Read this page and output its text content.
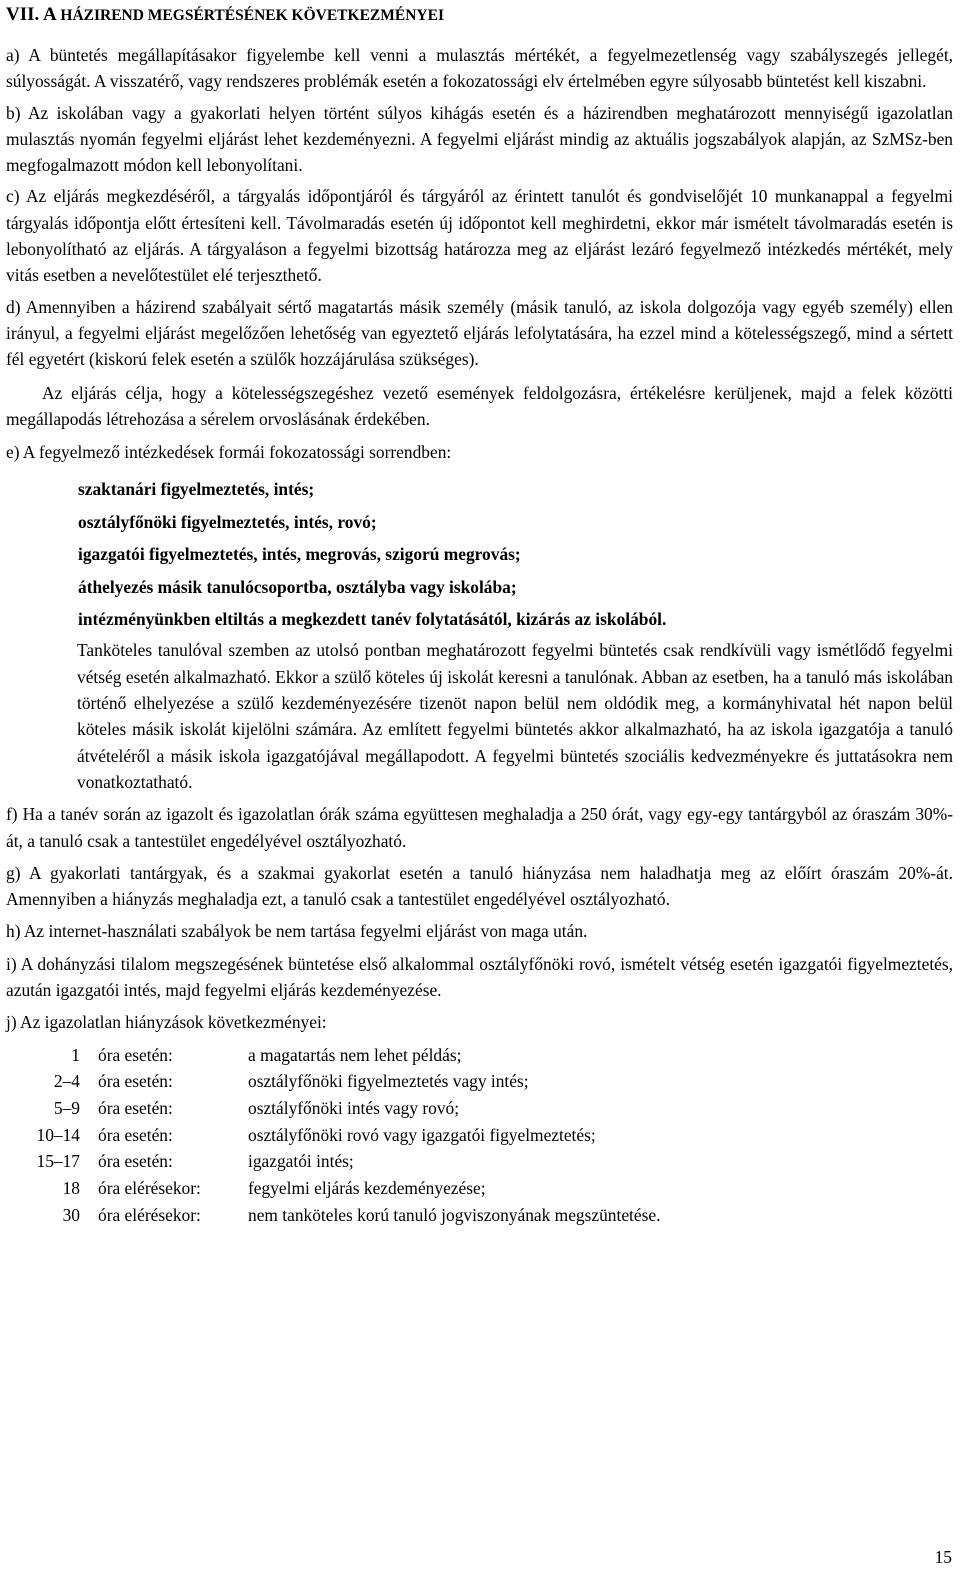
VII. A HÁZIREND MEGSÉRTÉSÉNEK KÖVETKEZMÉNYEI

a) A büntetés megállapításakor figyelembe kell venni a mulasztás mértékét, a fegyelmezetlenség vagy szabályszegés jellegét, súlyosságát. A visszatérő, vagy rendszeres problémák esetén a fokozatossági elv értelmében egyre súlyosabb büntetést kell kiszabni.

b) Az iskolában vagy a gyakorlati helyen történt súlyos kihágás esetén és a házirendben meghatározott mennyiségű igazolatlan mulasztás nyomán fegyelmi eljárást lehet kezdeményezni. A fegyelmi eljárást mindig az aktuális jogszabályok alapján, az SzMSz-ben megfogalmazott módon kell lebonyolítani.

c) Az eljárás megkezdéséről, a tárgyalás időpontjáról és tárgyáról az érintett tanulót és gondviselőjét 10 munkanappal a fegyelmi tárgyalás időpontja előtt értesíteni kell. Távolmaradás esetén új időpontot kell meghirdetni, ekkor már ismételt távolmaradás esetén is lebonyolítható az eljárás. A tárgyaláson a fegyelmi bizottság határozza meg az eljárást lezáró fegyelmező intézkedés mértékét, mely vitás esetben a nevelőtestület elé terjeszthető.

d) Amennyiben a házirend szabályait sértő magatartás másik személy (másik tanuló, az iskola dolgozója vagy egyéb személy) ellen irányul, a fegyelmi eljárást megelőzően lehetőség van egyeztető eljárás lefolytatására, ha ezzel mind a kötelességszegő, mind a sértett fél egyetért (kiskorú felek esetén a szülők hozzájárulása szükséges).

Az eljárás célja, hogy a kötelességszegéshez vezető események feldolgozásra, értékelésre kerüljenek, majd a felek közötti megállapodás létrehozása a sérelem orvoslásának érdekében.

e) A fegyelmező intézkedések formái fokozatossági sorrendben:

szaktanári figyelmeztetés, intés;
osztályfőnöki figyelmeztetés, intés, rovó;
igazgatói figyelmeztetés, intés, megrovás, szigorú megrovás;
áthelyezés másik tanulócsoportba, osztályba vagy iskolába;
intézményünkben eltiltás a megkezdett tanév folytatásától, kizárás az iskolából.
Tanköteles tanulóval szemben az utolsó pontban meghatározott fegyelmi büntetés csak rendkívüli vagy ismétlődő fegyelmi vétség esetén alkalmazható. Ekkor a szülő köteles új iskolát keresni a tanulónak. Abban az esetben, ha a tanuló más iskolában történő elhelyezése a szülő kezdeményezésére tizenöt napon belül nem oldódik meg, a kormányhivatal hét napon belül köteles másik iskolát kijelölni számára. Az említett fegyelmi büntetés akkor alkalmazható, ha az iskola igazgatója a tanuló átvételéről a másik iskola igazgatójával megállapodott. A fegyelmi büntetés szociális kedvezményekre és juttatásokra nem vonatkoztatható.

f) Ha a tanév során az igazolt és igazolatlan órák száma együttesen meghaladja a 250 órát, vagy egy-egy tantárgyból az óraszám 30%-át, a tanuló csak a tantestület engedélyével osztályozható.

g) A gyakorlati tantárgyak, és a szakmai gyakorlat esetén a tanuló hiányzása nem haladhatja meg az előírt óraszám 20%-át. Amennyiben a hiányzás meghaladja ezt, a tanuló csak a tantestület engedélyével osztályozható.

h) Az internet-használati szabályok be nem tartása fegyelmi eljárást von maga után.

i) A dohányzási tilalom megszegésének büntetése első alkalommal osztályfőnöki rovó, ismételt vétség esetén igazgatói figyelmeztetés, azután igazgatói intés, majd fegyelmi eljárás kezdeményezése.

j) Az igazolatlan hiányzások következményei:

1	óra esetén:	a magatartás nem lehet példás;
2–4	óra esetén:	osztályfőnöki figyelmeztetés vagy intés;
5–9	óra esetén:	osztályfőnöki intés vagy rovó;
10–14	óra esetén:	osztályfőnöki rovó vagy igazgatói figyelmeztetés;
15–17	óra esetén:	igazgatói intés;
18	óra elérésekor:	fegyelmi eljárás kezdeményezése;
30	óra elérésekor:	nem tanköteles korú tanuló jogviszonyának megszüntetése.
15
